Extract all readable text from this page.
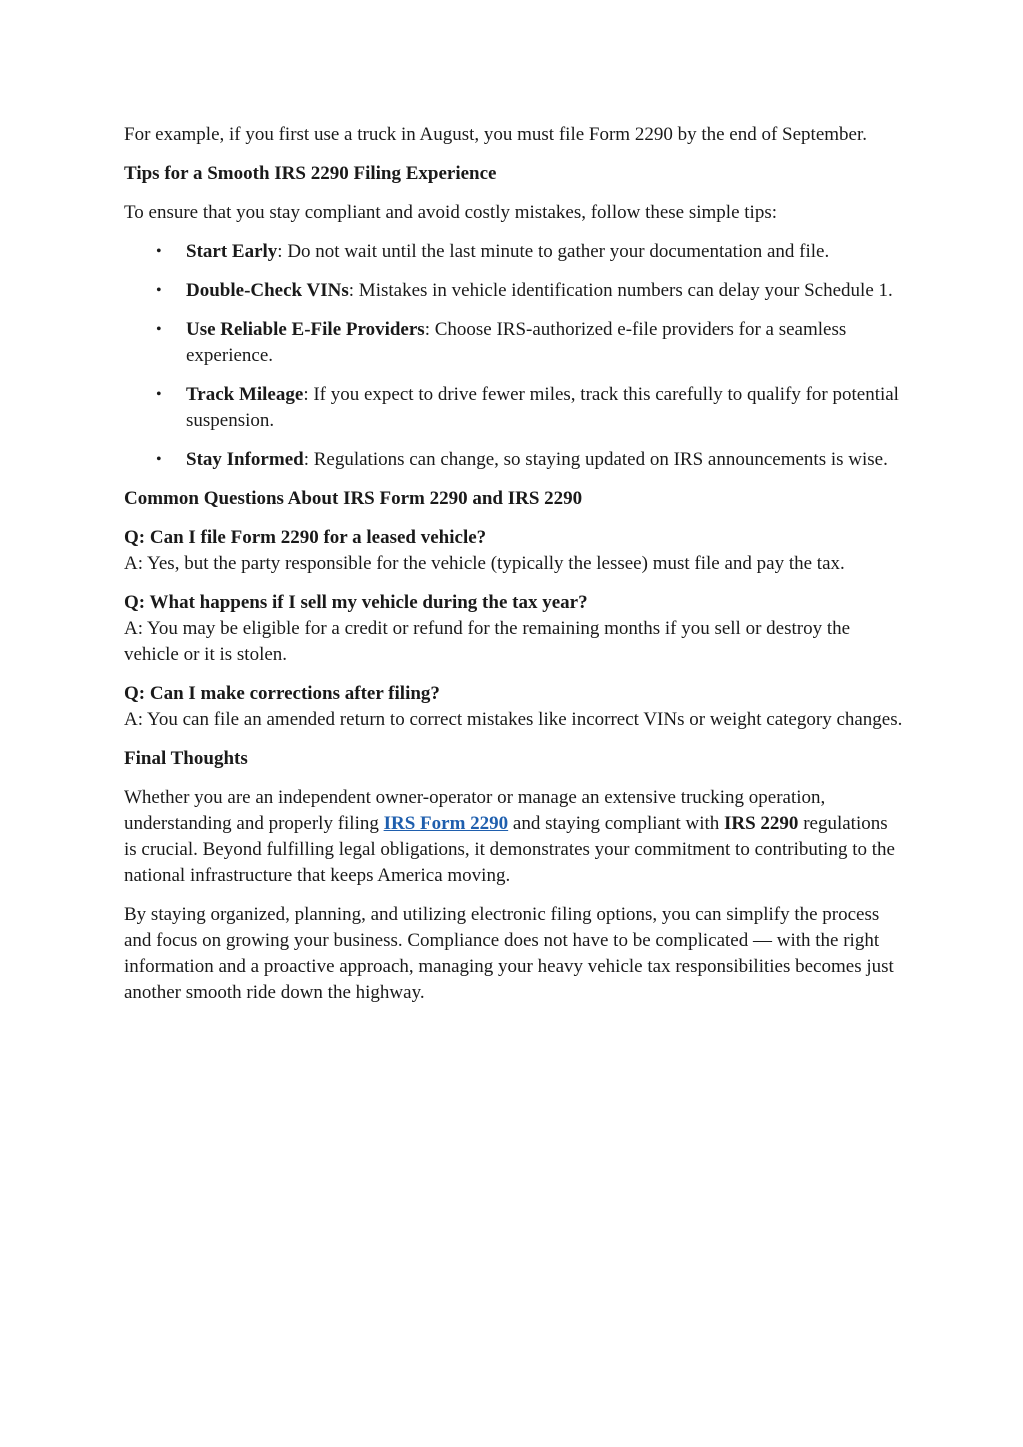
For example, if you first use a truck in August, you must file Form 2290 by the end of September.

Tips for a Smooth IRS 2290 Filing Experience

To ensure that you stay compliant and avoid costly mistakes, follow these simple tips:

• Start Early: Do not wait until the last minute to gather your documentation and file.
• Double-Check VINs: Mistakes in vehicle identification numbers can delay your Schedule 1.
• Use Reliable E-File Providers: Choose IRS-authorized e-file providers for a seamless experience.
• Track Mileage: If you expect to drive fewer miles, track this carefully to qualify for potential suspension.
• Stay Informed: Regulations can change, so staying updated on IRS announcements is wise.

Common Questions About IRS Form 2290 and IRS 2290

Q: Can I file Form 2290 for a leased vehicle?
A: Yes, but the party responsible for the vehicle (typically the lessee) must file and pay the tax.
Q: What happens if I sell my vehicle during the tax year?
A: You may be eligible for a credit or refund for the remaining months if you sell or destroy the vehicle or it is stolen.
Q: Can I make corrections after filing?
A: You can file an amended return to correct mistakes like incorrect VINs or weight category changes.

Final Thoughts

Whether you are an independent owner-operator or manage an extensive trucking operation, understanding and properly filing IRS Form 2290 and staying compliant with IRS 2290 regulations is crucial. Beyond fulfilling legal obligations, it demonstrates your commitment to contributing to the national infrastructure that keeps America moving.

By staying organized, planning, and utilizing electronic filing options, you can simplify the process and focus on growing your business. Compliance does not have to be complicated — with the right information and a proactive approach, managing your heavy vehicle tax responsibilities becomes just another smooth ride down the highway.
